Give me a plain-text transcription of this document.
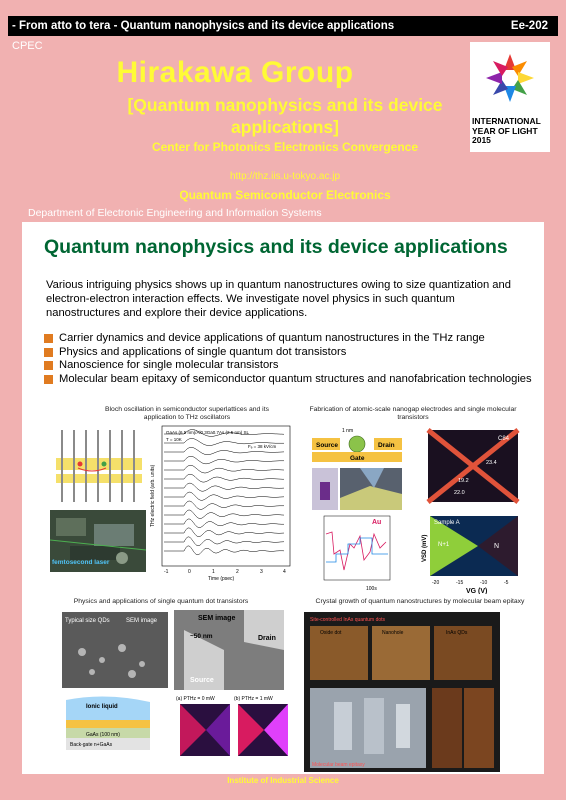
- From atto to tera - Quantum nanophysics and its device applications	Ee-202
CPEC
Hirakawa Group
[Quantum nanophysics and its device applications]
Center for Photonics Electronics Convergence
http://thz.iis.u-tokyo.ac.jp
Quantum Semiconductor Electronics
Department of Electronic Engineering and Information Systems
INTERNATIONAL
YEAR OF LIGHT
2015
Quantum nanophysics and its device applications
Various intriguing physics shows up in quantum nanostructures owing to size quantization and electron-electron interaction effects. We investigate novel physics in such quantum nanostructures and explore their device applications.
Carrier dynamics and device applications of quantum nanostructures in the THz range
Physics and applications of single quantum dot transistors
Nanoscience for single molecular transistors
Molecular beam epitaxy of semiconductor quantum structures and nanofabrication technologies
Bloch oscillation in semiconductor superlattices and its application to THz oscillators
femtosecond laser
THz electric field (arb. units)
Time (psec)
-1	0	1	2	3	4
GaAs (6.5 nm)/Al0.3Ga0.7As (2.5 nm) SL
T = 10K
Fₑ = 38 kV/cm
Fabrication of atomic-scale nanogap electrodes and single molecular transistors
1 nm
Source	Drain
Gate
C84
23.4
19.2
22.0
Au
100s
Sample A
N
N+1
VSD (mV)
-20	-15	-10	-5
VG (V)
Physics and applications of single quantum dot transistors
Typical size QDs	SEM image	SEM image
~50 nm	Drain
Source
Ionic liquid
GaAs (100 nm)
Back-gate n+GaAs
(a) PTHz = 0 mW	(b) PTHz = 1 mW
Crystal growth of quantum nanostructures by molecular beam epitaxy
Site-controlled InAs quantum dots
Oxide dot	Nanohole	InAs QDs
Molecular beam epitaxy
Institute of Industrial Science
